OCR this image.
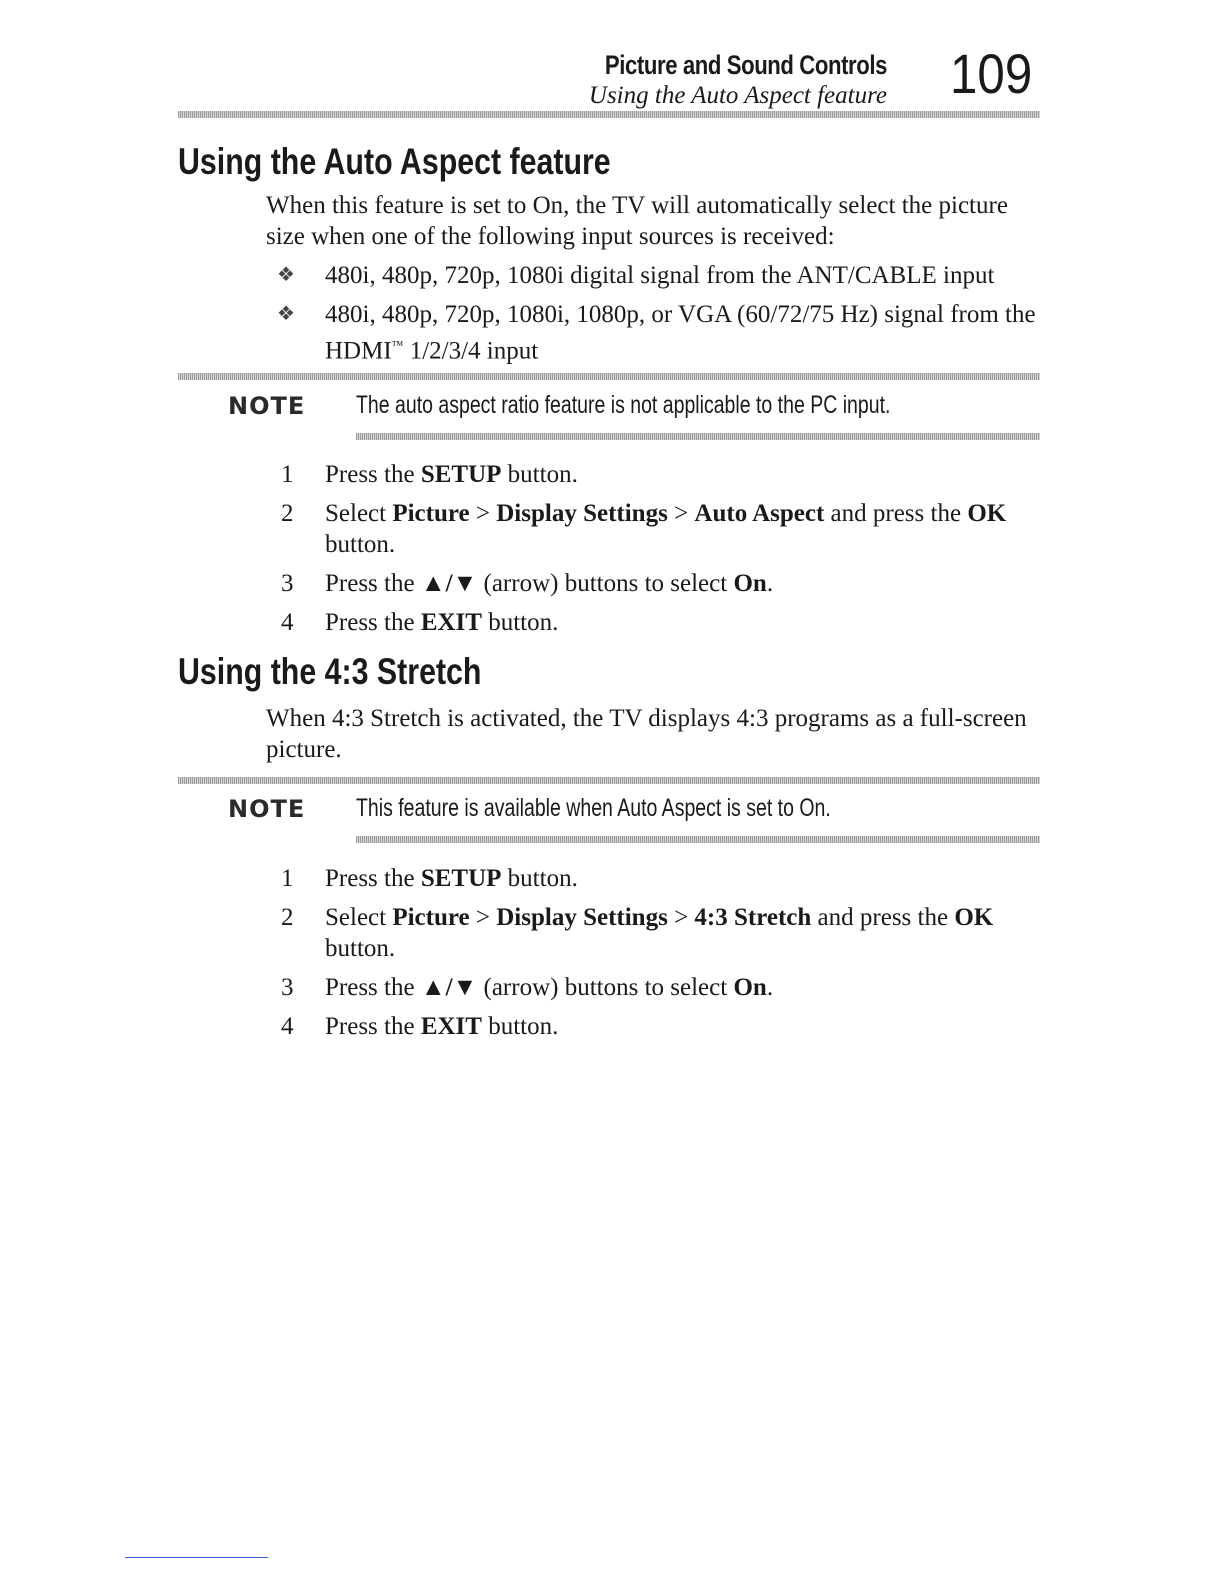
Picture and Sound Controls
Using the Auto Aspect feature 109
Using the Auto Aspect feature

When this feature is set to On, the TV will automatically select the picture size when one of the following input sources is received:

❖ 480i, 480p, 720p, 1080i digital signal from the ANT/CABLE input
❖ 480i, 480p, 720p, 1080i, 1080p, or VGA (60/72/75 Hz) signal from the HDMI™ 1/2/3/4 input
NOTE The auto aspect ratio feature is not applicable to the PC input.
1 Press the SETUP button.
2 Select Picture > Display Settings > Auto Aspect and press the OK button.
3 Press the ▲/▼ (arrow) buttons to select On.
4 Press the EXIT button.
Using the 4:3 Stretch

When 4:3 Stretch is activated, the TV displays 4:3 programs as a full-screen picture.

NOTE This feature is available when Auto Aspect is set to On.
1 Press the SETUP button.
2 Select Picture > Display Settings > 4:3 Stretch and press the OK button.
3 Press the ▲/▼ (arrow) buttons to select On.
4 Press the EXIT button.
